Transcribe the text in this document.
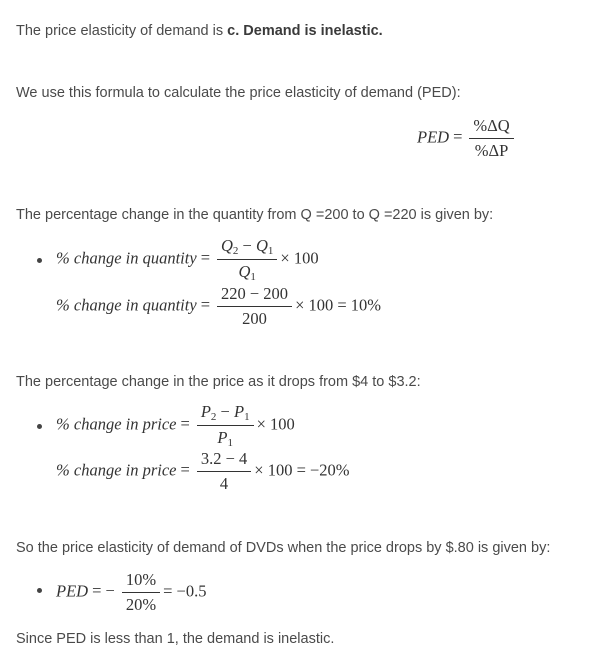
The price elasticity of demand is c. Demand is inelastic.
We use this formula to calculate the price elasticity of demand (PED):
PED = $\frac{\%\Delta Q}{\%\Delta P}$
The percentage change in the quantity from Q =200 to Q =220 is given by:
% change in quantity = $\frac{Q_2 - Q_1}{Q_1} \times 100$
% change in quantity = $\frac{220 - 200}{200} \times 100 = 10\%$
The percentage change in the price as it drops from $4 to $3.2:
% change in price = $\frac{P_2 - P_1}{P_1} \times 100$
% change in price = $\frac{3.2 - 4}{4} \times 100 = -20\%$
So the price elasticity of demand of DVDs when the price drops by $.80 is given by:
PED = − $\frac{10\%}{20\%} = -0.5$
Since PED is less than 1, the demand is inelastic.
